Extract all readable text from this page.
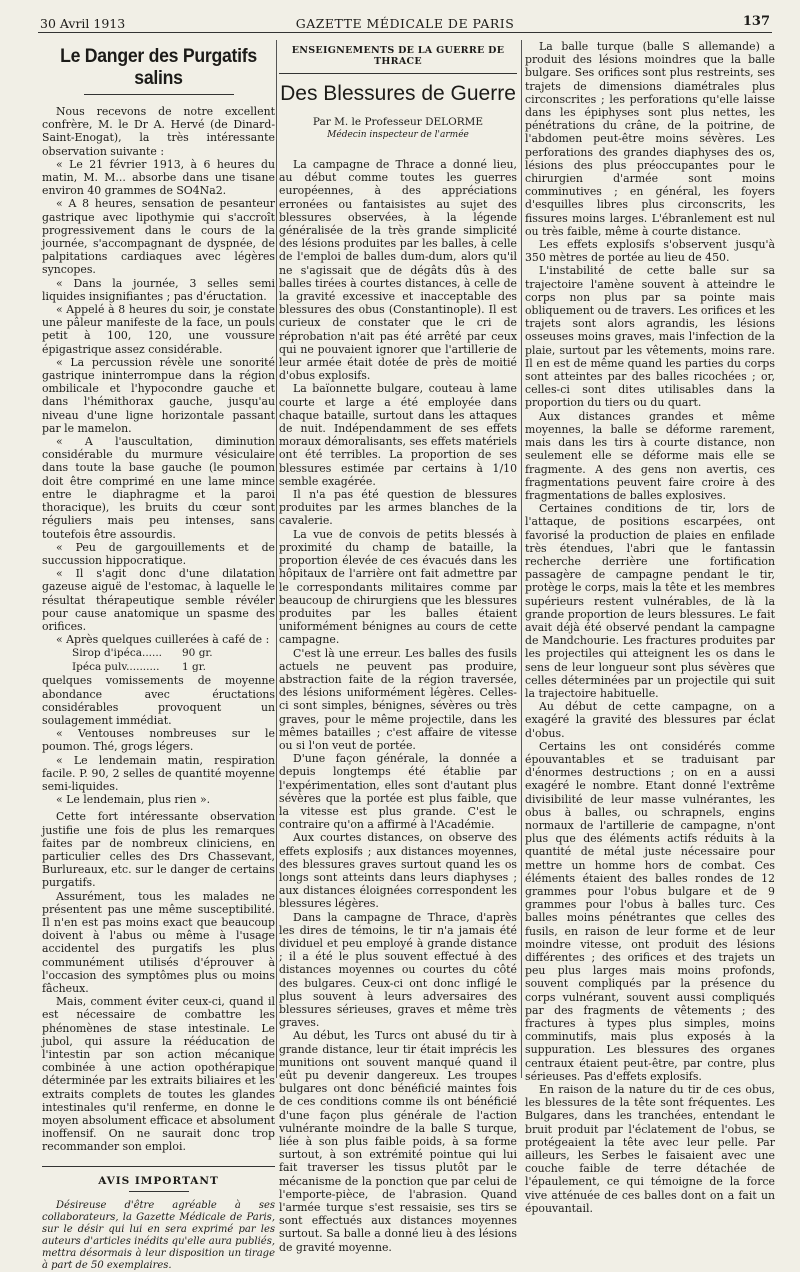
30 Avril 1913	GAZETTE MÉDICALE DE PARIS	137
Le Danger des Purgatifs salins

Nous recevons de notre excellent confrère, M. le Dr A. Hervé (de Dinard-Saint-Enogat), la très intéressante observation suivante :

« Le 21 février 1913, à 6 heures du matin, M. M... absorbe dans une tisane environ 40 grammes de SO4Na2.

« A 8 heures, sensation de pesanteur gastrique avec lipothymie qui s'accroît progressivement dans le cours de la journée, s'accompagnant de dyspnée, de palpitations cardiaques avec légères syncopes.

« Dans la journée, 3 selles semi liquides insignifiantes ; pas d'éructation.

« Appelé à 8 heures du soir, je constate une pâleur manifeste de la face, un pouls petit à 100, 120, une voussure épigastrique assez considérable.

« La percussion révèle une sonorité gastrique ininterrompue dans la région ombilicale et l'hypocondre gauche et dans l'hémithorax gauche, jusqu'au niveau d'une ligne horizontale passant par le mamelon.

« A l'auscultation, diminution considérable du murmure vésiculaire dans toute la base gauche (le poumon doit être comprimé en une lame mince entre le diaphragme et la paroi thoracique), les bruits du cœur sont réguliers mais peu intenses, sans toutefois être assourdis.

« Peu de gargouillements et de succussion hippocratique.

« Il s'agit donc d'une dilatation gazeuse aiguë de l'estomac, à laquelle le résultat thérapeutique semble révéler pour cause anatomique un spasme des orifices.

« Après quelques cuillerées à café de :

Sirop d'ipéca...... 90 gr.
Ipéca pulv.......... 1 gr.

quelques vomissements de moyenne abondance avec éructations considérables provoquent un soulagement immédiat.

« Ventouses nombreuses sur le poumon. Thé, grogs légers.

« Le lendemain matin, respiration facile. P. 90, 2 selles de quantité moyenne semi-liquides.

« Le lendemain, plus rien ».

Cette fort intéressante observation justifie une fois de plus les remarques faites par de nombreux cliniciens, en particulier celles des Drs Chassevant, Burlureaux, etc. sur le danger de certains purgatifs.

Assurément, tous les malades ne présentent pas une même susceptibilité. Il n'en est pas moins exact que beaucoup doivent à l'abus ou même à l'usage accidentel des purgatifs les plus communément utilisés d'éprouver à l'occasion des symptômes plus ou moins fâcheux.

Mais, comment éviter ceux-ci, quand il est nécessaire de combattre les phénomènes de stase intestinale. Le jubol, qui assure la rééducation de l'intestin par son action mécanique combinée à une action opothérapique déterminée par les extraits biliaires et les extraits complets de toutes les glandes intestinales qu'il renferme, en donne le moyen absolument efficace et absolument inoffensif. On ne saurait donc trop recommander son emploi.

AVIS IMPORTANT

Désireuse d'être agréable à ses collaborateurs, la Gazette Médicale de Paris, sur le désir qui lui en sera exprimé par les auteurs d'articles inédits qu'elle aura publiés, mettra désormais à leur disposition un tirage à part de 50 exemplaires.

ENSEIGNEMENTS DE LA GUERRE DE THRACE
Des Blessures de Guerre
Par M. le Professeur DELORME
Médecin inspecteur de l'armée

La campagne de Thrace a donné lieu, au début comme toutes les guerres européennes, à des appréciations erronées ou fantaisistes au sujet des blessures observées, à la légende généralisée de la très grande simplicité des lésions produites par les balles, à celle de l'emploi de balles dum-dum, alors qu'il ne s'agissait que de dégâts dûs à des balles tirées à courtes distances, à celle de la gravité excessive et inacceptable des blessures des obus (Constantinople). Il est curieux de constater que le cri de réprobation n'ait pas été arrêté par ceux qui ne pouvaient ignorer que l'artillerie de leur armée était dotée de près de moitié d'obus explosifs.

La baïonnette bulgare, couteau à lame courte et large a été employée dans chaque bataille, surtout dans les attaques de nuit. Indépendamment de ses effets moraux démoralisants, ses effets matériels ont été terribles. La proportion de ses blessures estimée par certains à 1/10 semble exagérée.

Il n'a pas été question de blessures produites par les armes blanches de la cavalerie.

La vue de convois de petits blessés à proximité du champ de bataille, la proportion élevée de ces évacués dans les hôpitaux de l'arrière ont fait admettre par le correspondants militaires comme par beaucoup de chirurgiens que les blessures produites par les balles étaient uniformément bénignes au cours de cette campagne.

C'est là une erreur. Les balles des fusils actuels ne peuvent pas produire, abstraction faite de la région traversée, des lésions uniformément légères. Celles-ci sont simples, bénignes, sévères ou très graves, pour le même projectile, dans les mêmes batailles ; c'est affaire de vitesse ou si l'on veut de portée.

D'une façon générale, la donnée a depuis longtemps été établie par l'expérimentation, elles sont d'autant plus sévères que la portée est plus faible, que la vitesse est plus grande. C'est le contraire qu'on a affirmé à l'Académie.

Aux courtes distances, on observe des effets explosifs ; aux distances moyennes, des blessures graves surtout quand les os longs sont atteints dans leurs diaphyses ; aux distances éloignées correspondent les blessures légères.

Dans la campagne de Thrace, d'après les dires de témoins, le tir n'a jamais été dividuel et peu employé à grande distance ; il a été le plus souvent effectué à des distances moyennes ou courtes du côté des bulgares. Ceux-ci ont donc infligé le plus souvent à leurs adversaires des blessures sérieuses, graves et même très graves.

Au début, les Turcs ont abusé du tir à grande distance, leur tir était imprécis les munitions ont souvent manqué quand il eût pu devenir dangereux. Les troupes bulgares ont donc bénéficié maintes fois de ces conditions comme ils ont bénéficié d'une façon plus générale de l'action vulnérante moindre de la balle S turque, liée à son plus faible poids, à sa forme surtout, à son extrémité pointue qui lui fait traverser les tissus plutôt par le mécanisme de la ponction que par celui de l'emporte-pièce, de l'abrasion. Quand l'armée turque s'est ressaisie, ses tirs se sont effectués aux distances moyennes surtout. Sa balle a donné lieu à des lésions de gravité moyenne.

La balle turque (balle S allemande) a produit des lésions moindres que la balle bulgare. Ses orifices sont plus restreints, ses trajets de dimensions diamétrales plus circonscrites ; les perforations qu'elle laisse dans les épiphyses sont plus nettes, les pénétrations du crâne, de la poitrine, de l'abdomen peut-être moins sévères. Les perforations des grandes diaphyses des os, lésions des plus préoccupantes pour le chirurgien d'armée sont moins comminutives ; en général, les foyers d'esquilles libres plus circonscrits, les fissures moins larges. L'ébranlement est nul ou très faible, même à courte distance.

Les effets explosifs s'observent jusqu'à 350 mètres de portée au lieu de 450.

L'instabilité de cette balle sur sa trajectoire l'amène souvent à atteindre le corps non plus par sa pointe mais obliquement ou de travers. Les orifices et les trajets sont alors agrandis, les lésions osseuses moins graves, mais l'infection de la plaie, surtout par les vêtements, moins rare. Il en est de même quand les parties du corps sont atteintes par des balles ricochées ; or, celles-ci sont dites utilisables dans la proportion du tiers ou du quart.

Aux distances grandes et même moyennes, la balle se déforme rarement, mais dans les tirs à courte distance, non seulement elle se déforme mais elle se fragmente. A des gens non avertis, ces fragmentations peuvent faire croire à des fragmentations de balles explosives.

Certaines conditions de tir, lors de l'attaque, de positions escarpées, ont favorisé la production de plaies en enfilade très étendues, l'abri que le fantassin recherche derrière une fortification passagère de campagne pendant le tir, protège le corps, mais la tête et les membres supérieurs restent vulnérables, de là la grande proportion de leurs blessures. Le fait avait déjà été observé pendant la campagne de Mandchourie. Les fractures produites par les projectiles qui atteignent les os dans le sens de leur longueur sont plus sévères que celles déterminées par un projectile qui suit la trajectoire habituelle.

Au début de cette campagne, on a exagéré la gravité des blessures par éclat d'obus.

Certains les ont considérés comme épouvantables et se traduisant par d'énormes destructions ; on en a aussi exagéré le nombre. Etant donné l'extrême divisibilité de leur masse vulnérantes, les obus à balles, ou schrapnels, engins normaux de l'artillerie de campagne, n'ont plus que des éléments actifs réduits à la quantité de métal juste nécessaire pour mettre un homme hors de combat. Ces éléments étaient des balles rondes de 12 grammes pour l'obus bulgare et de 9 grammes pour l'obus à balles turc. Ces balles moins pénétrantes que celles des fusils, en raison de leur forme et de leur moindre vitesse, ont produit des lésions différentes ; des orifices et des trajets un peu plus larges mais moins profonds, souvent compliqués par la présence du corps vulnérant, souvent aussi compliqués par des fragments de vêtements ; des fractures à types plus simples, moins comminutifs, mais plus exposés à la suppuration. Les blessures des organes centraux étaient peut-être, par contre, plus sérieuses. Pas d'effets explosifs.

En raison de la nature du tir de ces obus, les blessures de la tête sont fréquentes. Les Bulgares, dans les tranchées, entendant le bruit produit par l'éclatement de l'obus, se protégeaient la tête avec leur pelle. Par ailleurs, les Serbes le faisaient avec une couche faible de terre détachée de l'épaulement, ce qui témoigne de la force vive atténuée de ces balles dont on a fait un épouvantail.
